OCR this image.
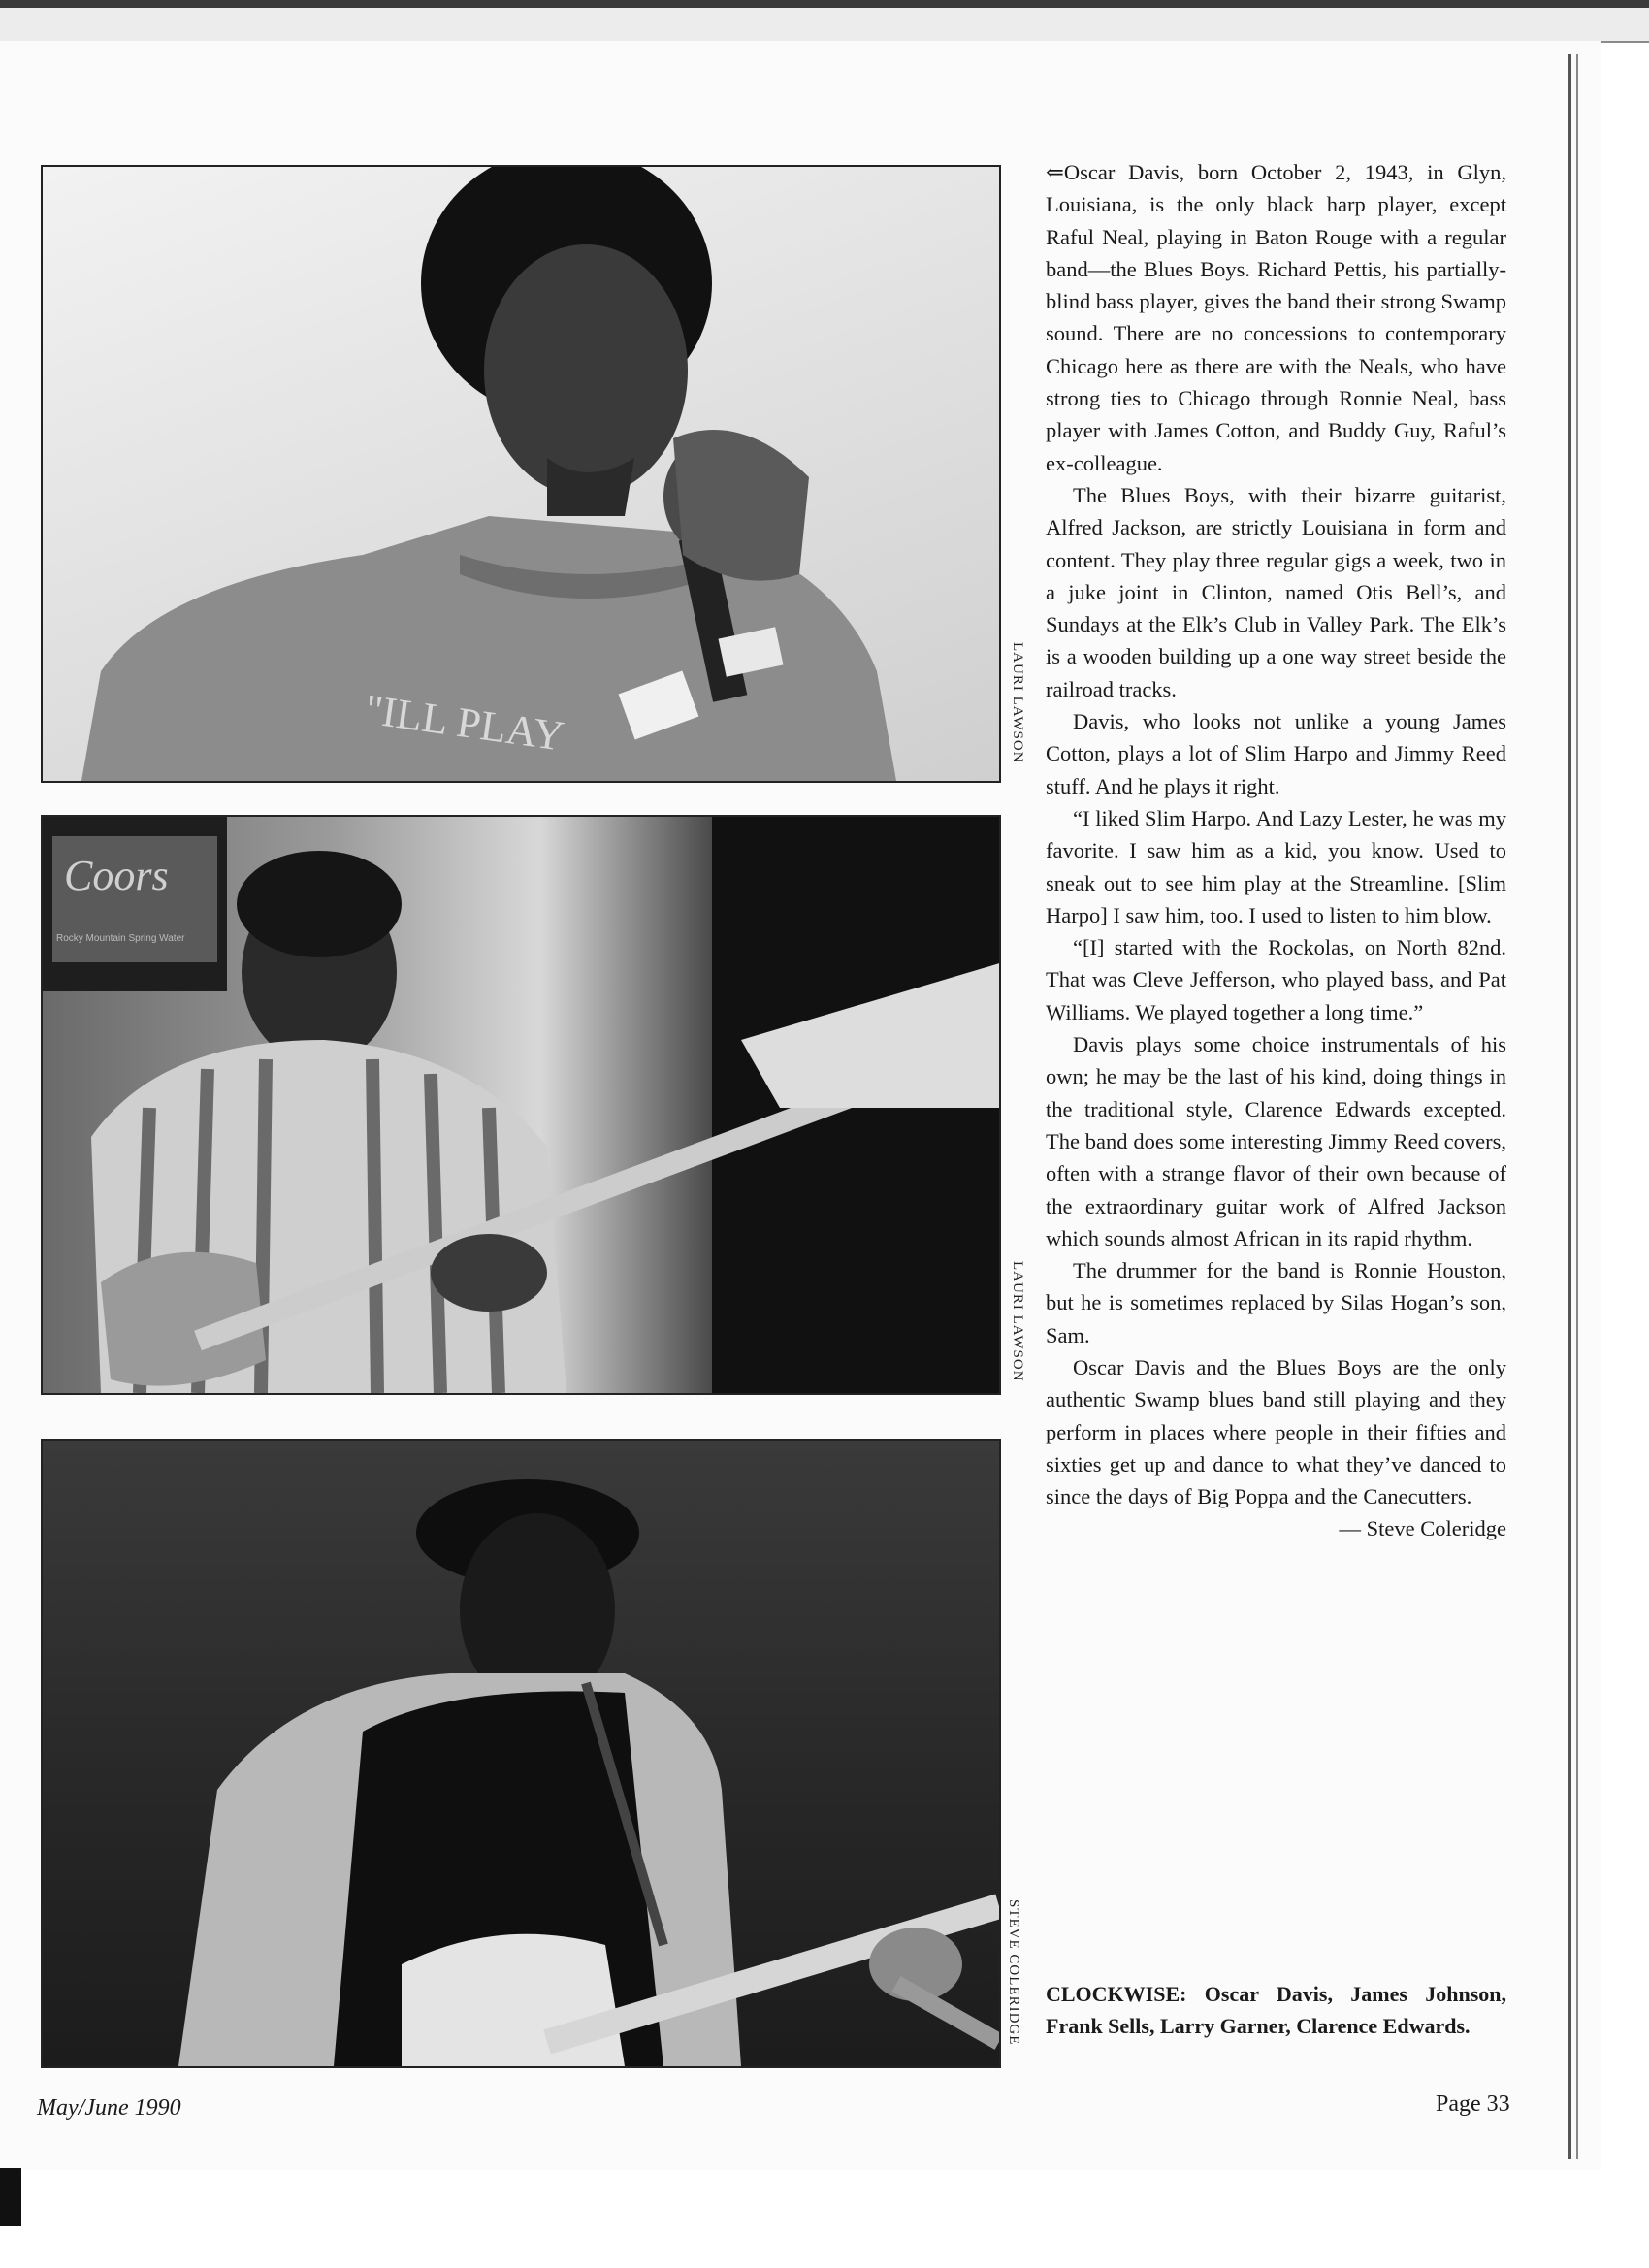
"ILL PLAY	LAURI LAWSON
Coors
Rocky Mountain Spring Water
LAURI LAWSON
STEVE COLERIDGE

⇐Oscar Davis, born October 2, 1943, in Glyn, Louisiana, is the only black harp player, except Raful Neal, playing in Baton Rouge with a regular band—the Blues Boys. Richard Pettis, his partially-blind bass player, gives the band their strong Swamp sound. There are no concessions to contemporary Chicago here as there are with the Neals, who have strong ties to Chicago through Ronnie Neal, bass player with James Cotton, and Buddy Guy, Raful’s ex-colleague.

The Blues Boys, with their bizarre guitarist, Alfred Jackson, are strictly Louisiana in form and content. They play three regular gigs a week, two in a juke joint in Clinton, named Otis Bell’s, and Sundays at the Elk’s Club in Valley Park. The Elk’s is a wooden building up a one way street beside the railroad tracks.

Davis, who looks not unlike a young James Cotton, plays a lot of Slim Harpo and Jimmy Reed stuff. And he plays it right.

“I liked Slim Harpo. And Lazy Lester, he was my favorite. I saw him as a kid, you know. Used to sneak out to see him play at the Streamline. [Slim Harpo] I saw him, too. I used to listen to him blow.

“[I] started with the Rockolas, on North 82nd. That was Cleve Jefferson, who played bass, and Pat Williams. We played together a long time.”

Davis plays some choice instrumentals of his own; he may be the last of his kind, doing things in the traditional style, Clarence Edwards excepted. The band does some interesting Jimmy Reed covers, often with a strange flavor of their own because of the extraordinary guitar work of Alfred Jackson which sounds almost African in its rapid rhythm.

The drummer for the band is Ronnie Houston, but he is sometimes replaced by Silas Hogan’s son, Sam.

Oscar Davis and the Blues Boys are the only authentic Swamp blues band still playing and they perform in places where people in their fifties and sixties get up and dance to what they’ve danced to since the days of Big Poppa and the Canecutters.

— Steve Coleridge

CLOCKWISE: Oscar Davis, James Johnson, Frank Sells, Larry Garner, Clarence Edwards.
May/June 1990	Page 33
